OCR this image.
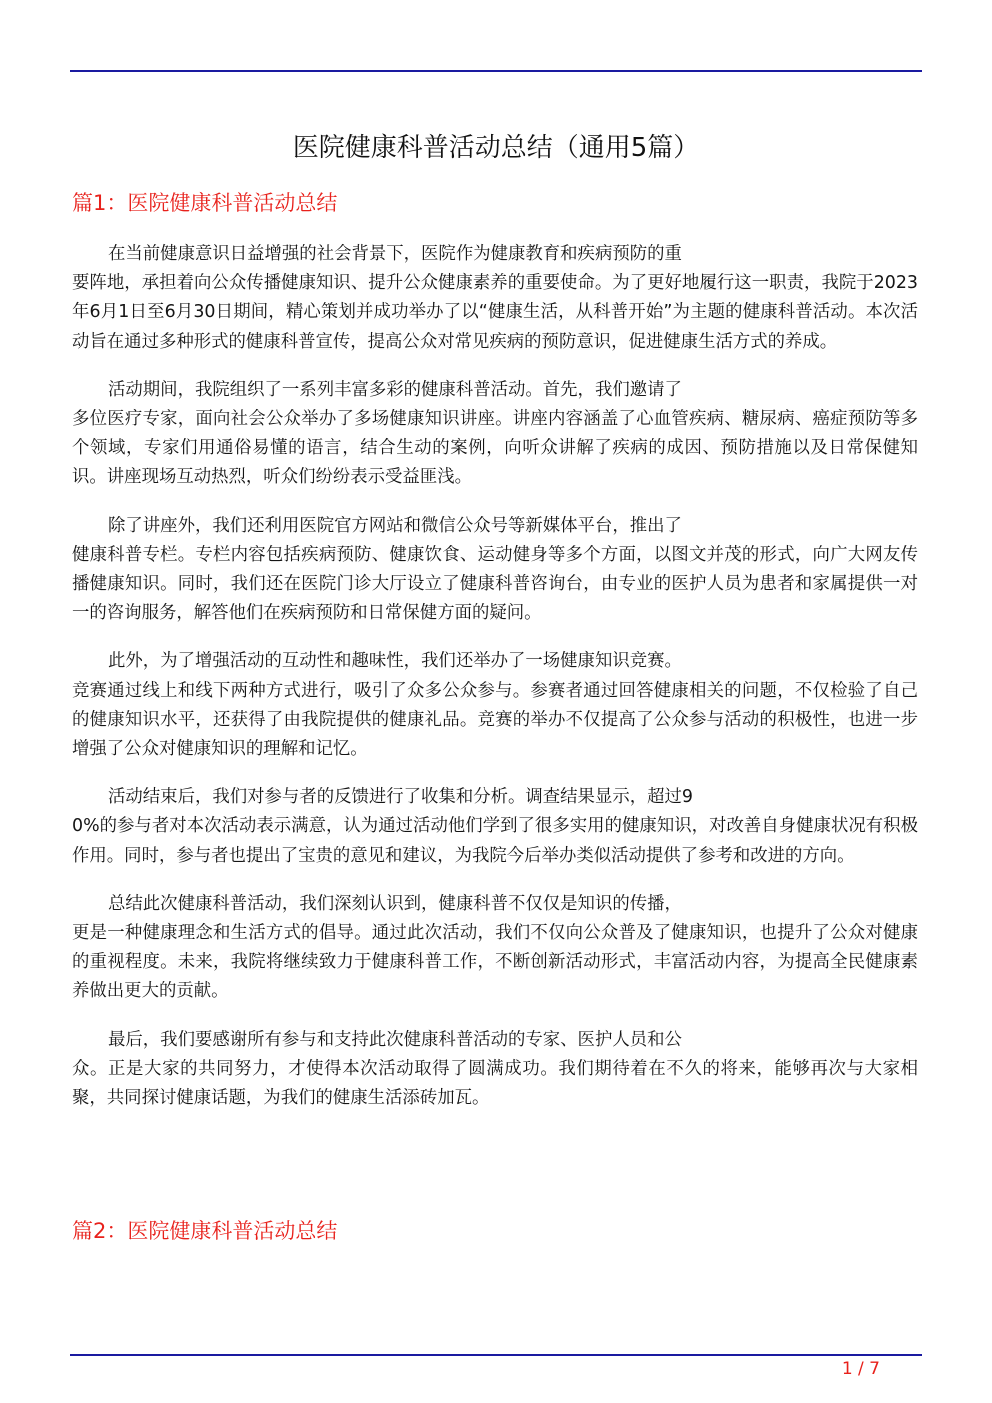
医院健康科普活动总结（通用5篇）
篇1：医院健康科普活动总结

在当前健康意识日益增强的社会背景下，医院作为健康教育和疾病预防的重
要阵地，承担着向公众传播健康知识、提升公众健康素养的重要使命。为了更好地履行这一职责，我院于2023年6月1日至6月30日期间，精心策划并成功举办了以“健康生活，从科普开始”为主题的健康科普活动。本次活动旨在通过多种形式的健康科普宣传，提高公众对常见疾病的预防意识，促进健康生活方式的养成。

活动期间，我院组织了一系列丰富多彩的健康科普活动。首先，我们邀请了
多位医疗专家，面向社会公众举办了多场健康知识讲座。讲座内容涵盖了心血管疾病、糖尿病、癌症预防等多个领域，专家们用通俗易懂的语言，结合生动的案例，向听众讲解了疾病的成因、预防措施以及日常保健知识。讲座现场互动热烈，听众们纷纷表示受益匪浅。

除了讲座外，我们还利用医院官方网站和微信公众号等新媒体平台，推出了
健康科普专栏。专栏内容包括疾病预防、健康饮食、运动健身等多个方面，以图文并茂的形式，向广大网友传播健康知识。同时，我们还在医院门诊大厅设立了健康科普咨询台，由专业的医护人员为患者和家属提供一对一的咨询服务，解答他们在疾病预防和日常保健方面的疑问。

此外，为了增强活动的互动性和趣味性，我们还举办了一场健康知识竞赛。
竞赛通过线上和线下两种方式进行，吸引了众多公众参与。参赛者通过回答健康相关的问题，不仅检验了自己的健康知识水平，还获得了由我院提供的健康礼品。竞赛的举办不仅提高了公众参与活动的积极性，也进一步增强了公众对健康知识的理解和记忆。

活动结束后，我们对参与者的反馈进行了收集和分析。调查结果显示，超过9
0%的参与者对本次活动表示满意，认为通过活动他们学到了很多实用的健康知识，对改善自身健康状况有积极作用。同时，参与者也提出了宝贵的意见和建议，为我院今后举办类似活动提供了参考和改进的方向。

总结此次健康科普活动，我们深刻认识到，健康科普不仅仅是知识的传播，
更是一种健康理念和生活方式的倡导。通过此次活动，我们不仅向公众普及了健康知识，也提升了公众对健康的重视程度。未来，我院将继续致力于健康科普工作，不断创新活动形式，丰富活动内容，为提高全民健康素养做出更大的贡献。

最后，我们要感谢所有参与和支持此次健康科普活动的专家、医护人员和公
众。正是大家的共同努力，才使得本次活动取得了圆满成功。我们期待着在不久的将来，能够再次与大家相聚，共同探讨健康话题，为我们的健康生活添砖加瓦。

篇2：医院健康科普活动总结
1 / 7
